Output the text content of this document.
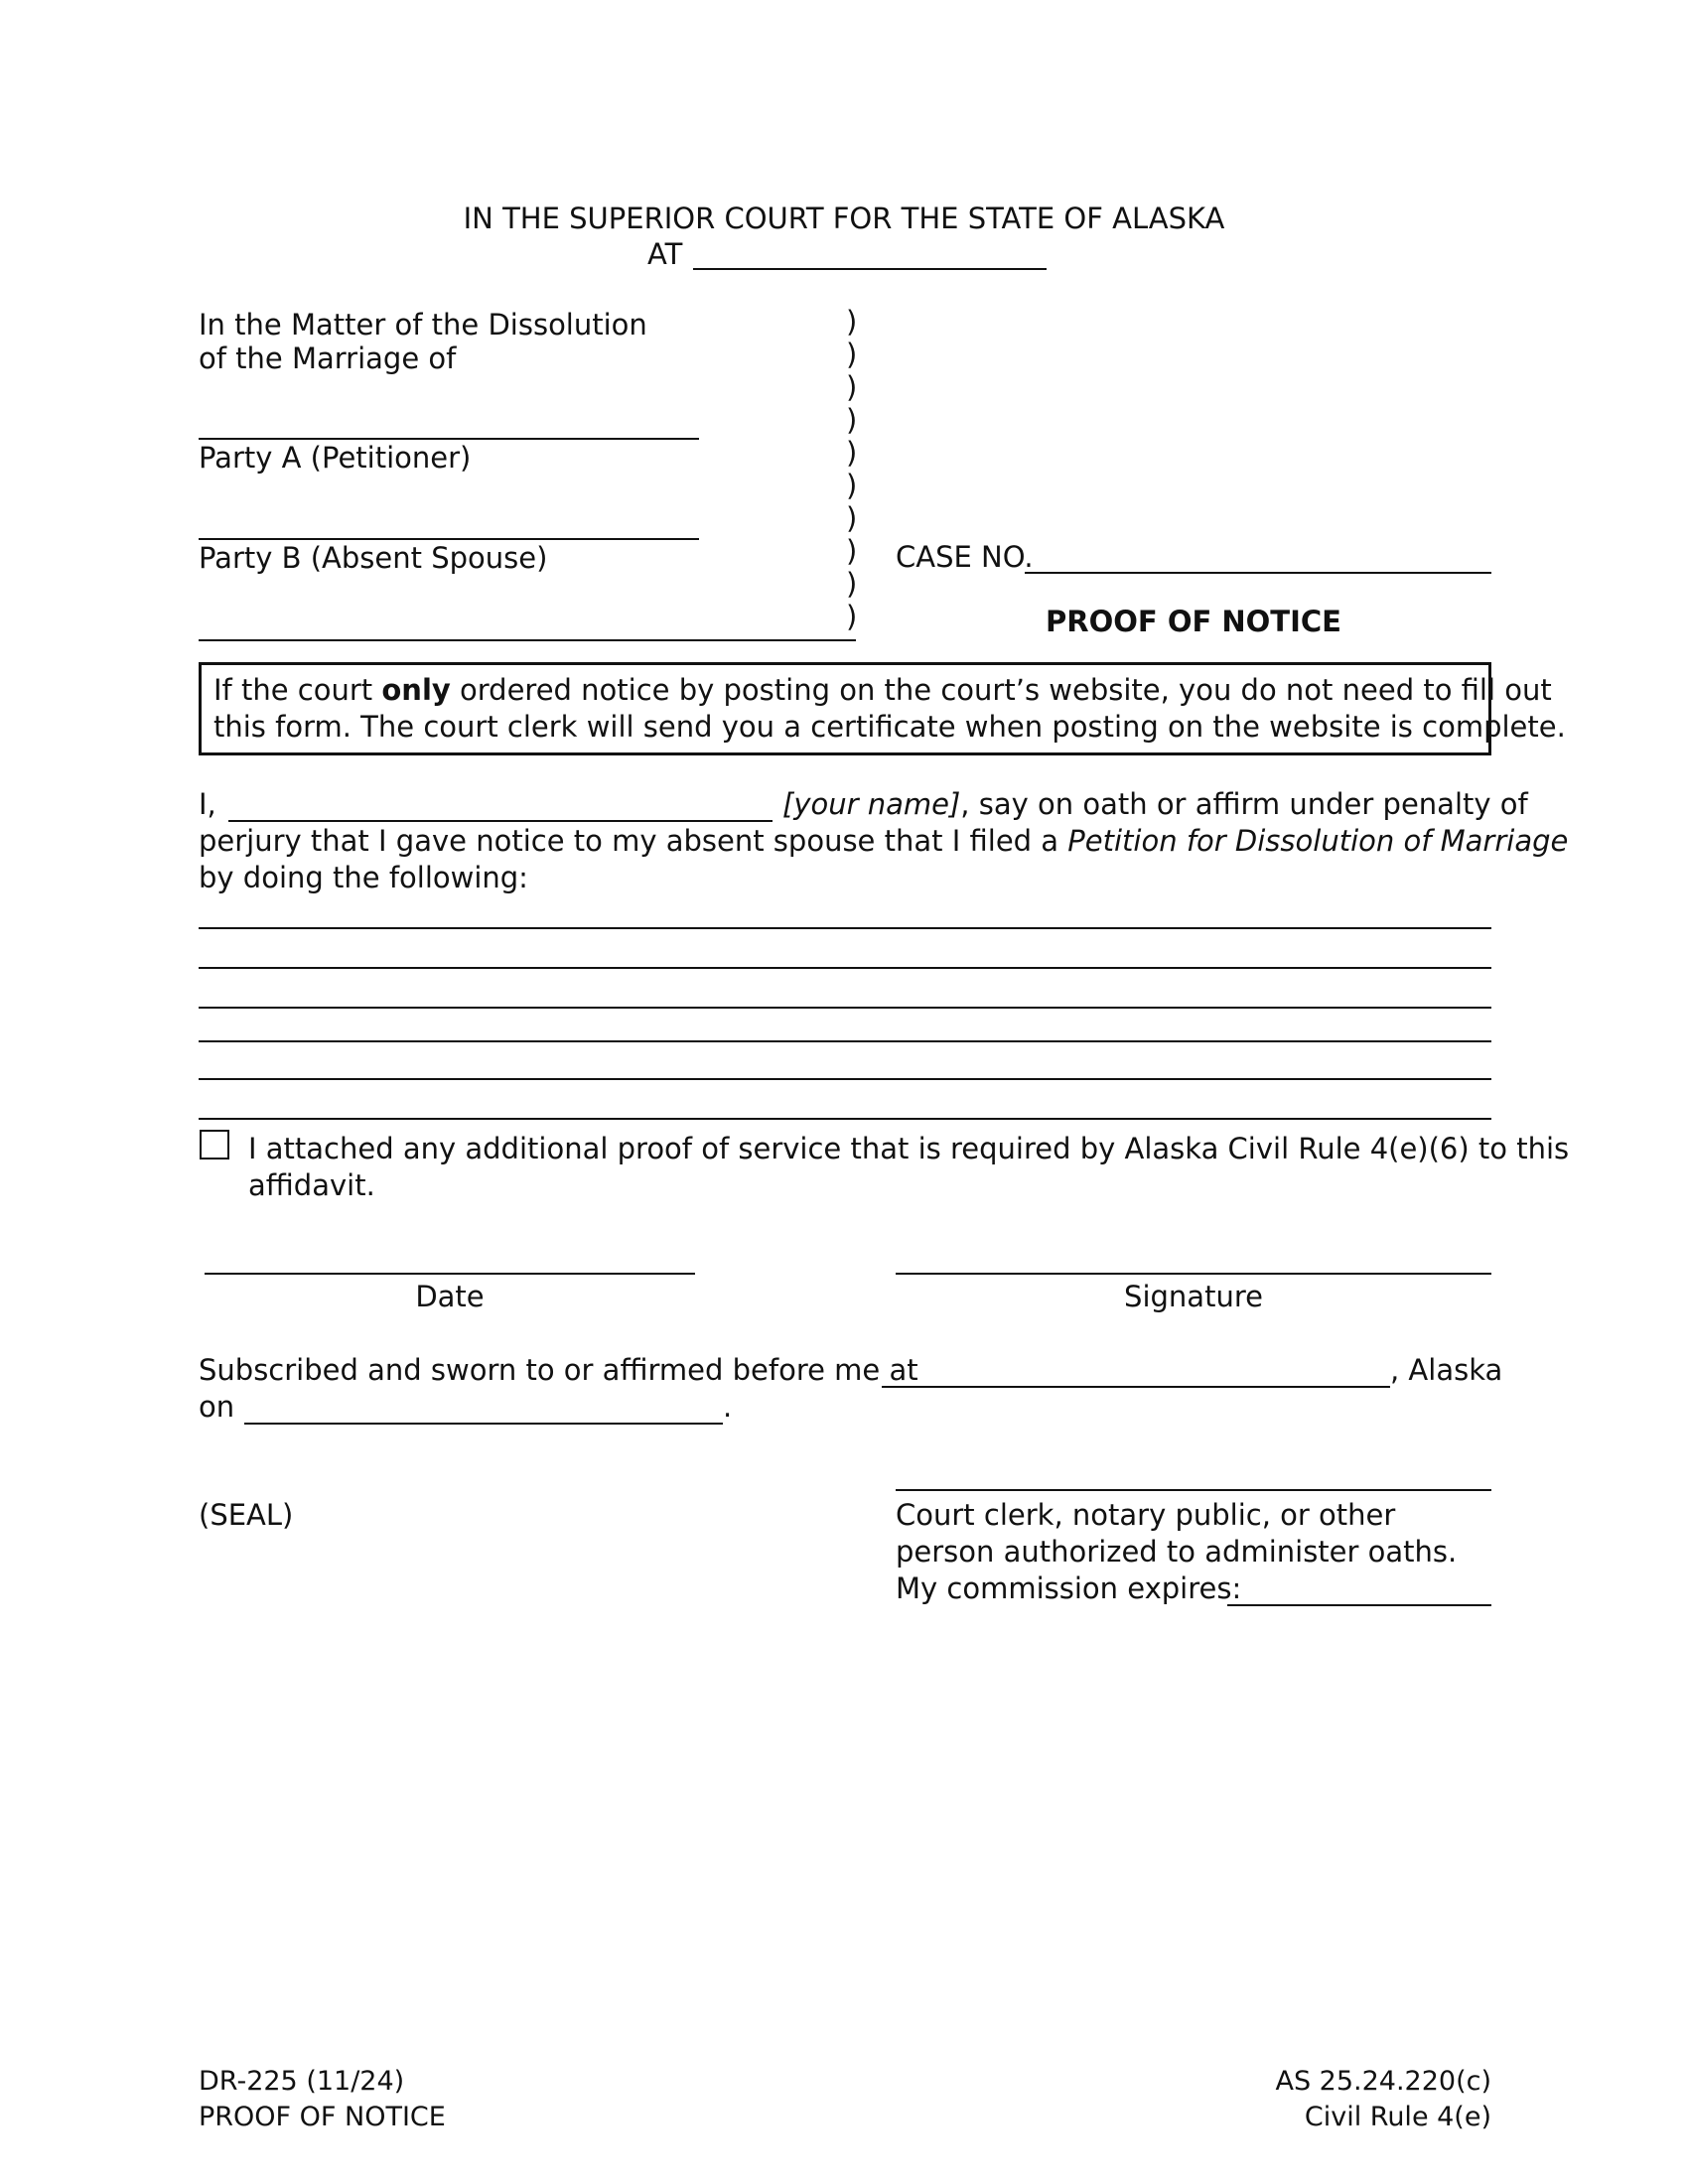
IN THE SUPERIOR COURT FOR THE STATE OF ALASKA
AT
In the Matter of the Dissolution
of the Marriage of
Party A (Petitioner)
Party B (Absent Spouse)
)
)
)
)
)
)
)
)
)
)
CASE NO.
PROOF OF NOTICE
If the court only ordered notice by posting on the court’s website, you do not need to fill out
this form. The court clerk will send you a certificate when posting on the website is complete.
I,	[your name], say on oath or affirm under penalty of
perjury that I gave notice to my absent spouse that I filed a Petition for Dissolution of Marriage
by doing the following:
I attached any additional proof of service that is required by Alaska Civil Rule 4(e)(6) to this
affidavit.
Date	Signature
Subscribed and sworn to or affirmed before me at	, Alaska
on	.
(SEAL)	Court clerk, notary public, or other
person authorized to administer oaths.
My commission expires:
DR-225 (11/24)
PROOF OF NOTICE
AS 25.24.220(c)
Civil Rule 4(e)
